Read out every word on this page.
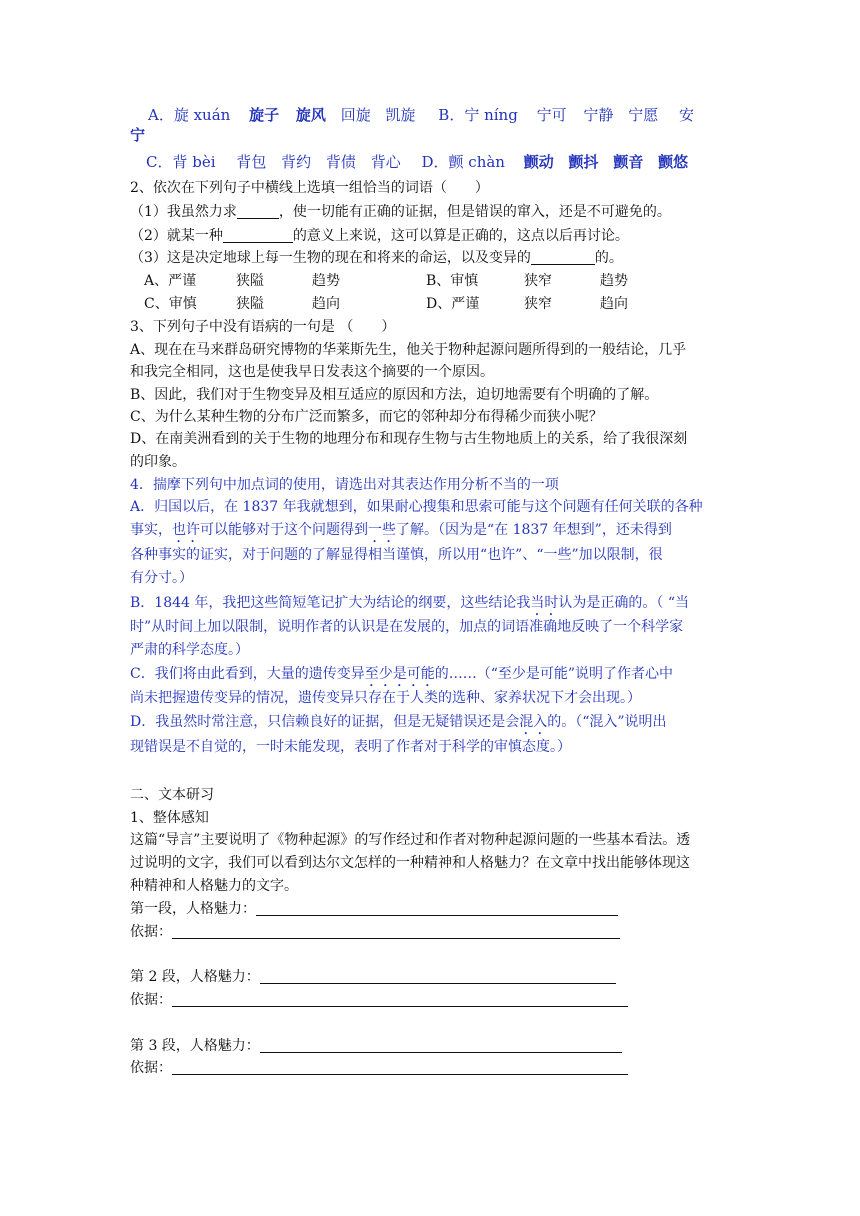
A．旋 xuán 旋子 旋风 回旋 凯旋 B．宁 níng 宁可 宁静 宁愿 安
宁
C．背 bèi 背包 背约 背债 背心 D．颤 chàn 颤动 颤抖 颤音 颤悠
2、依次在下列句子中横线上选填一组恰当的词语（　　）
（1）我虽然力求	，使一切能有正确的证据，但是错误的窜入，还是不可避免的。
（2）就某一种	的意义上来说，这可以算是正确的，这点以后再讨论。
（3）这是决定地球上每一生物的现在和将来的命运，以及变异的	的。
A、严谨	狭隘	趋势	B、审慎	狭窄	趋势
C、审慎	狭隘	趋向	D、严谨	狭窄	趋向
3、下列句子中没有语病的一句是 （　　）
A、现在在马来群岛研究博物的华莱斯先生，他关于物种起源问题所得到的一般结论，几乎
和我完全相同，这也是使我早日发表这个摘要的一个原因。
B、因此，我们对于生物变异及相互适应的原因和方法，迫切地需要有个明确的了解。
C、为什么某种生物的分布广泛而繁多，而它的邻种却分布得稀少而狭小呢？
D、在南美洲看到的关于生物的地理分布和现存生物与古生物地质上的关系，给了我很深刻
的印象。
4．揣摩下列句中加点词的使用，请选出对其表达作用分析不当的一项
A．归国以后，在 1837 年我就想到，如果耐心搜集和思索可能与这个问题有任何关联的各种
事实，也许可以能够对于这个问题得到一些了解。（因为是“在 1837 年想到”，还未得到
各种事实的证实，对于问题的了解显得相当谨慎，所以用“也许”、“一些”加以限制，很
有分寸。）
B．1844 年，我把这些简短笔记扩大为结论的纲要，这些结论我当时认为是正确的。（ “当
时”从时间上加以限制，说明作者的认识是在发展的，加点的词语准确地反映了一个科学家
严肃的科学态度。）
C．我们将由此看到，大量的遗传变异至少是可能的……（“至少是可能”说明了作者心中
尚未把握遗传变异的情况，遗传变异只存在于人类的选种、家养状况下才会出现。）
D．我虽然时常注意，只信赖良好的证据，但是无疑错误还是会混入的。（“混入”说明出
现错误是不自觉的，一时未能发现，表明了作者对于科学的审慎态度。）
二、文本研习
1、整体感知
这篇“导言”主要说明了《物种起源》的写作经过和作者对物种起源问题的一些基本看法。透
过说明的文字，我们可以看到达尔文怎样的一种精神和人格魅力？在文章中找出能够体现这
种精神和人格魅力的文字。
第一段，人格魅力：
依据：
第 2 段，人格魅力：
依据：
第 3 段，人格魅力：
依据：
